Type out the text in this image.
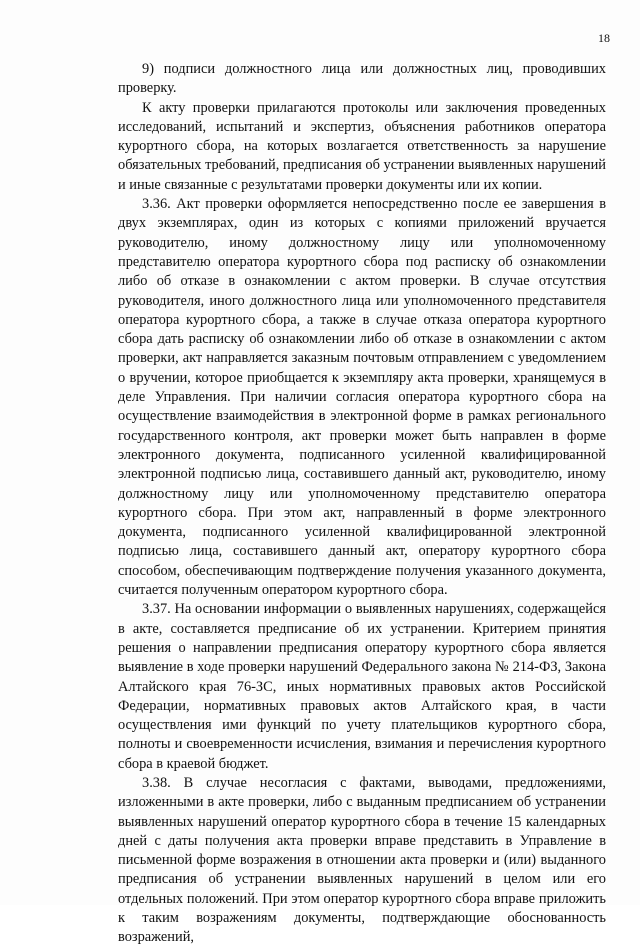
18

9) подписи должностного лица или должностных лиц, проводивших проверку.

К акту проверки прилагаются протоколы или заключения проведенных исследований, испытаний и экспертиз, объяснения работников оператора курортного сбора, на которых возлагается ответственность за нарушение обязательных требований, предписания об устранении выявленных нарушений и иные связанные с результатами проверки документы или их копии.

3.36. Акт проверки оформляется непосредственно после ее завершения в двух экземплярах, один из которых с копиями приложений вручается руководителю, иному должностному лицу или уполномоченному представителю оператора курортного сбора под расписку об ознакомлении либо об отказе в ознакомлении с актом проверки. В случае отсутствия руководителя, иного должностного лица или уполномоченного представителя оператора курортного сбора, а также в случае отказа оператора курортного сбора дать расписку об ознакомлении либо об отказе в ознакомлении с актом проверки, акт направляется заказным почтовым отправлением с уведомлением о вручении, которое приобщается к экземпляру акта проверки, хранящемуся в деле Управления. При наличии согласия оператора курортного сбора на осуществление взаимодействия в электронной форме в рамках регионального государственного контроля, акт проверки может быть направлен в форме электронного документа, подписанного усиленной квалифицированной электронной подписью лица, составившего данный акт, руководителю, иному должностному лицу или уполномоченному представителю оператора курортного сбора. При этом акт, направленный в форме электронного документа, подписанного усиленной квалифицированной электронной подписью лица, составившего данный акт, оператору курортного сбора способом, обеспечивающим подтверждение получения указанного документа, считается полученным оператором курортного сбора.

3.37. На основании информации о выявленных нарушениях, содержащейся в акте, составляется предписание об их устранении. Критерием принятия решения о направлении предписания оператору курортного сбора является выявление в ходе проверки нарушений Федерального закона № 214-ФЗ, Закона Алтайского края 76-ЗС, иных нормативных правовых актов Российской Федерации, нормативных правовых актов Алтайского края, в части осуществления ими функций по учету плательщиков курортного сбора, полноты и своевременности исчисления, взимания и перечисления курортного сбора в краевой бюджет.

3.38. В случае несогласия с фактами, выводами, предложениями, изложенными в акте проверки, либо с выданным предписанием об устранении выявленных нарушений оператор курортного сбора в течение 15 календарных дней с даты получения акта проверки вправе представить в Управление в письменной форме возражения в отношении акта проверки и (или) выданного предписания об устранении выявленных нарушений в целом или его отдельных положений. При этом оператор курортного сбора вправе приложить к таким возражениям документы, подтверждающие обоснованность возражений,
